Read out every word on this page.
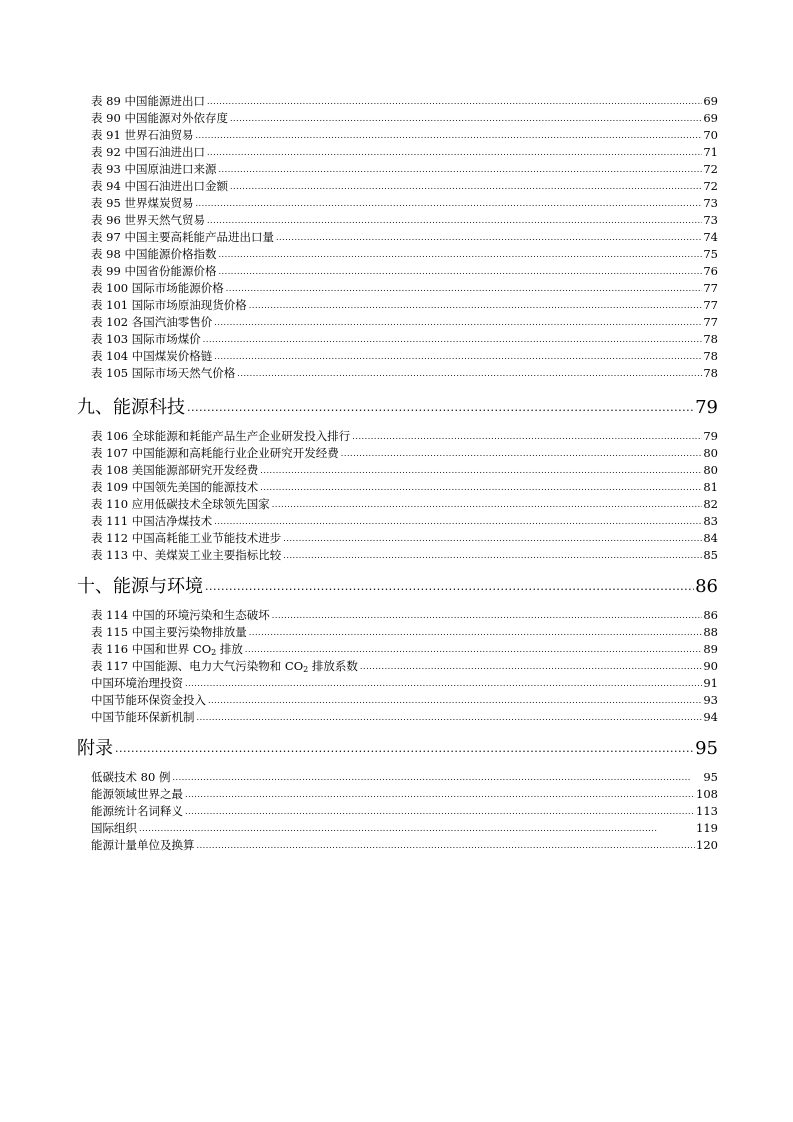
表 89 中国能源进出口 . . .	69
表 90 中国能源对外依存度 . . .	69
表 91 世界石油贸易 . . .	70
表 92 中国石油进出口 . . .	71
表 93 中国原油进口来源 . . .	72
表 94 中国石油进出口金额 . . .	72
表 95 世界煤炭贸易 . . .	73
表 96 世界天然气贸易 . . .	73
表 97 中国主要高耗能产品进出口量 . . .	74
表 98 中国能源价格指数 . . .	75
表 99 中国省份能源价格 . . .	76
表 100 国际市场能源价格 . . .	77
表 101 国际市场原油现货价格 . . .	77
表 102 各国汽油零售价 . . .	77
表 103 国际市场煤价 . . .	78
表 104 中国煤炭价格链 . . .	78
表 105 国际市场天然气价格 . . .	78
九、能源科技 . . .	79
表 106 全球能源和耗能产品生产企业研发投入排行 . . .	79
表 107 中国能源和高耗能行业企业研究开发经费 . . .	80
表 108 美国能源部研究开发经费 . . .	80
表 109 中国领先美国的能源技术 . . .	81
表 110 应用低碳技术全球领先国家 . . .	82
表 111 中国洁净煤技术 . . .	83
表 112 中国高耗能工业节能技术进步 . . .	84
表 113 中、美煤炭工业主要指标比较 . . .	85
十、能源与环境 . . .	86
表 114 中国的环境污染和生态破坏 . . .	86
表 115 中国主要污染物排放量 . . .	88
表 116 中国和世界 $CO_2$ 排放 . . .	89
表 117 中国能源、电力大气污染物和 $CO_2$ 排放系数 . . .	90
中国环境治理投资 . . .	91
中国节能环保资金投入 . . .	93
中国节能环保新机制 . . .	94
附录 . . .	95
低碳技术 80 例 . . .	95
能源领域世界之最 . . .	108
能源统计名词释义 . . .	113
国际组织 . . .	119
能源计量单位及换算 . . .	120
